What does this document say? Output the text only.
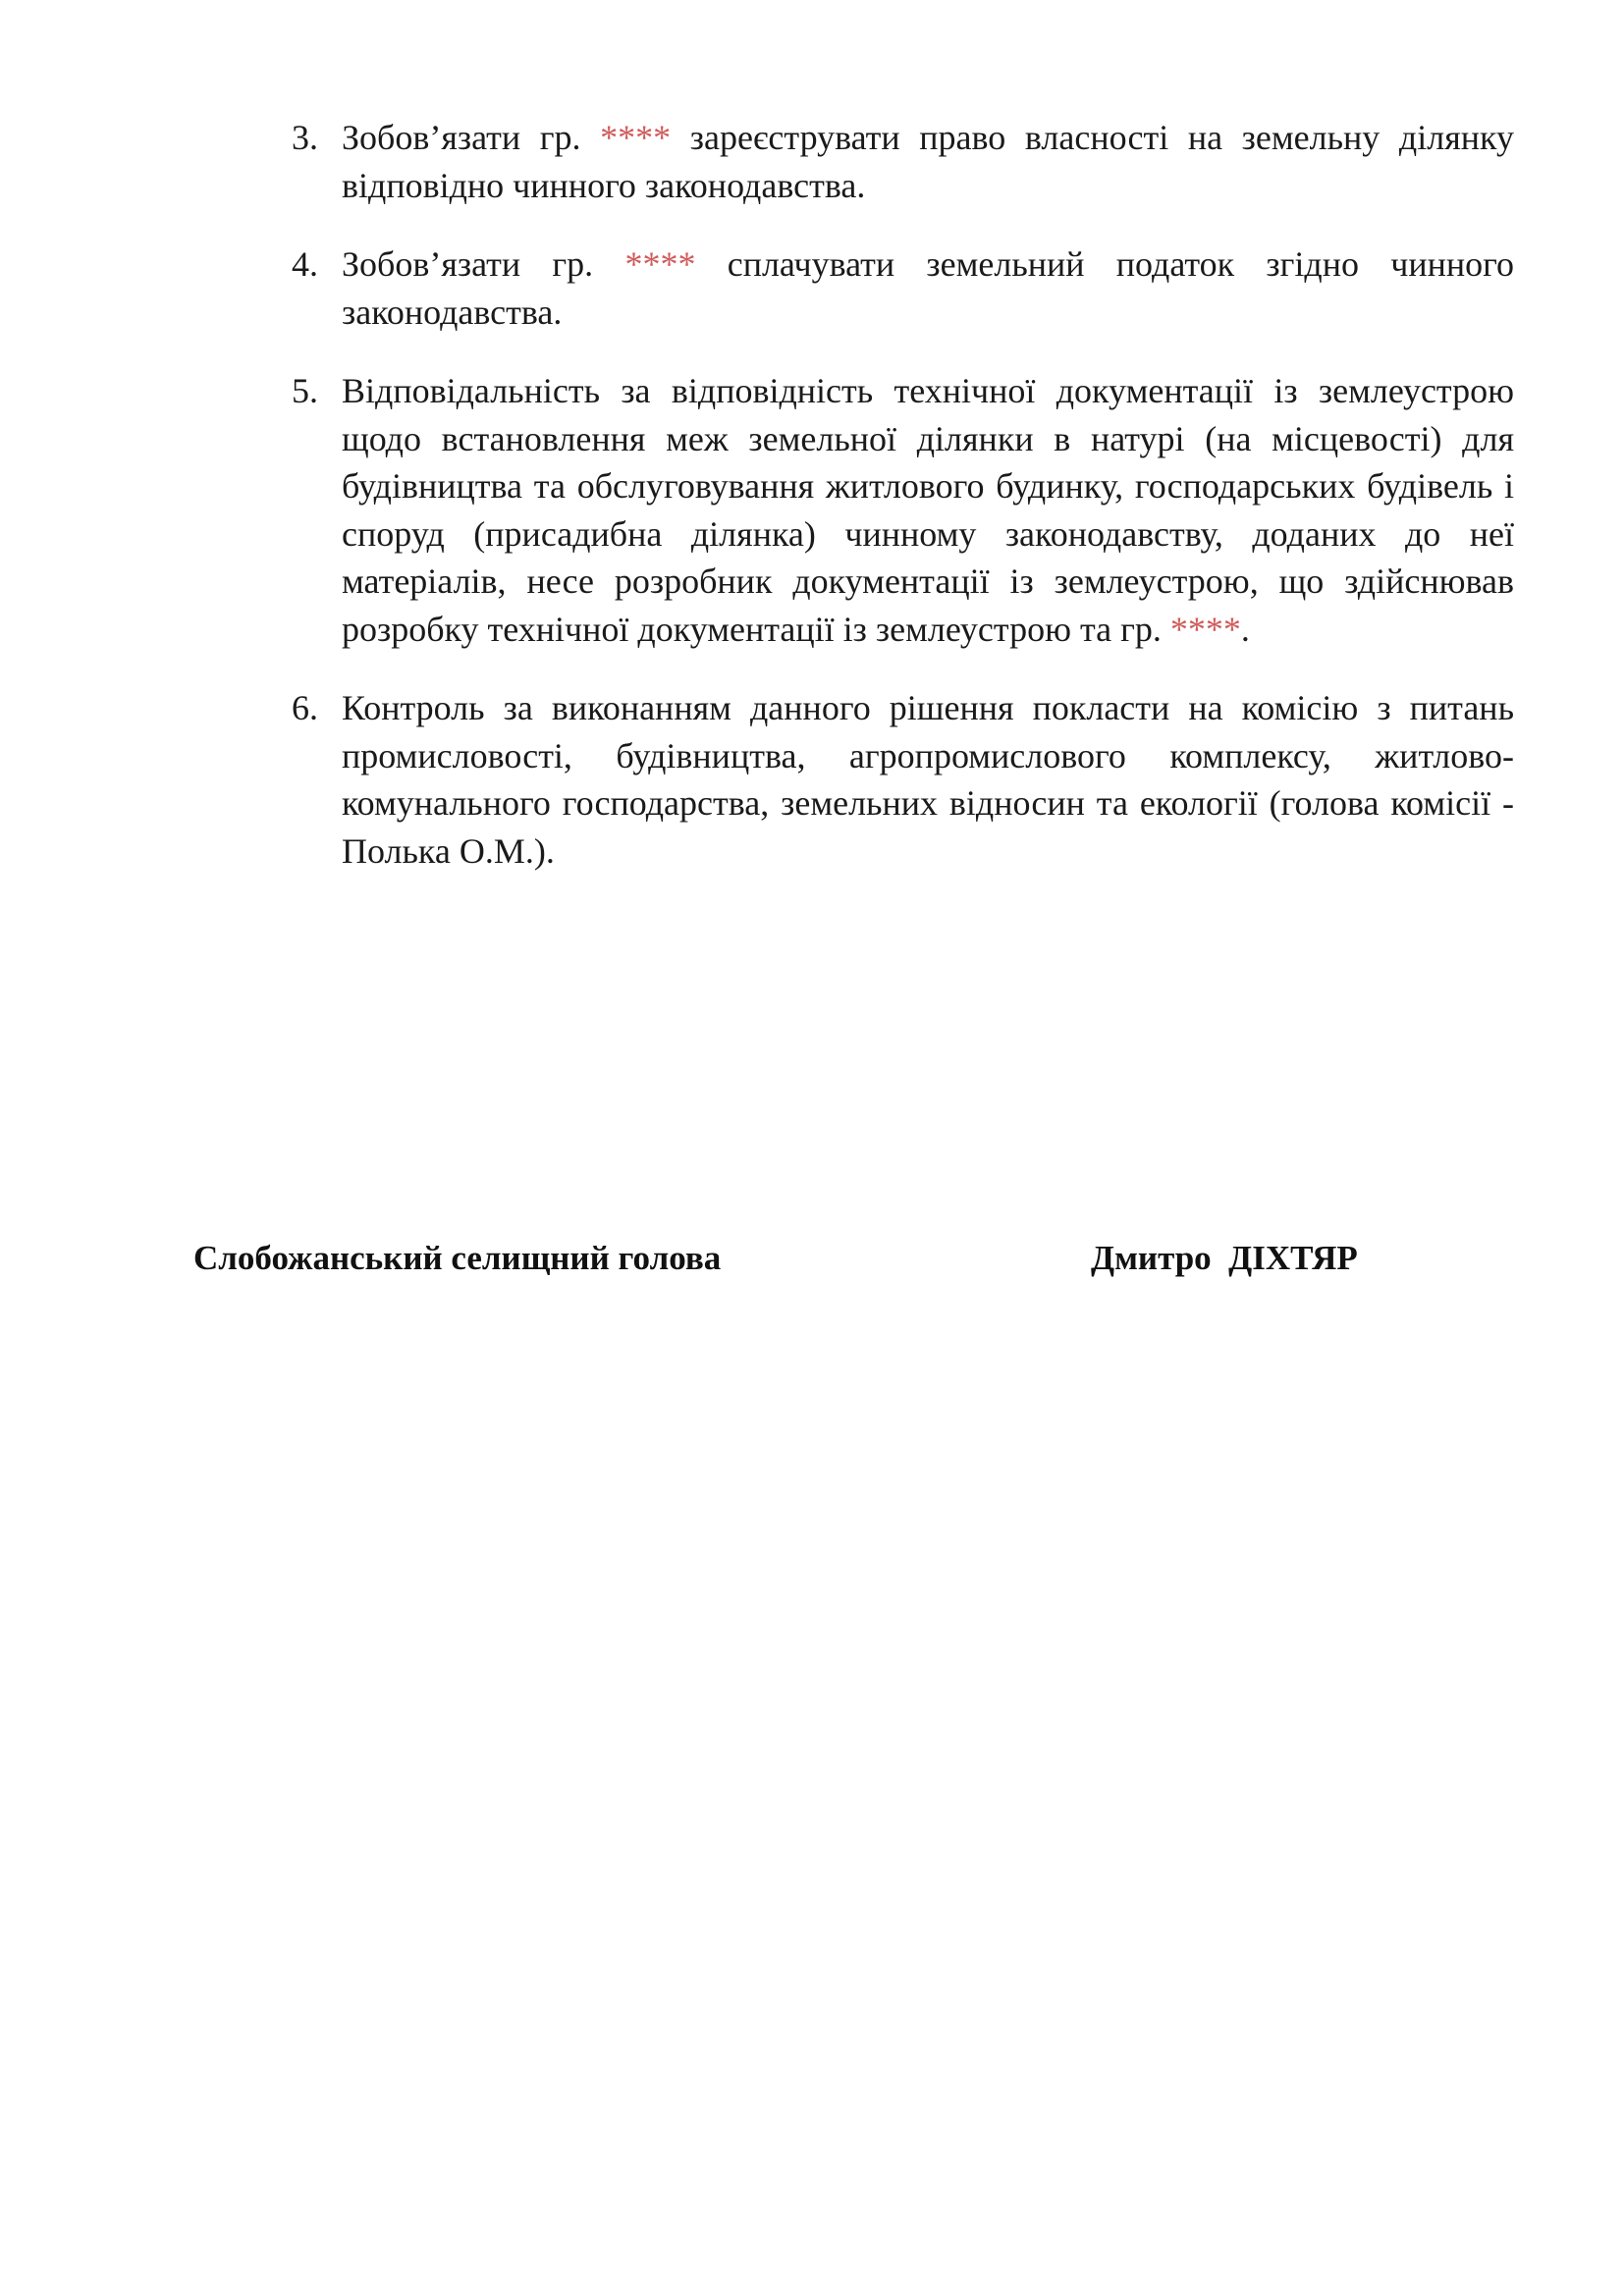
3. Зобов’язати гр. **** зареєструвати право власності на земельну ділянку відповідно чинного законодавства.
4. Зобов’язати гр. **** сплачувати земельний податок згідно чинного законодавства.
5. Відповідальність за відповідність технічної документації із землеустрою щодо встановлення меж земельної ділянки в натурі (на місцевості) для будівництва та обслуговування житлового будинку, господарських будівель і споруд (присадибна ділянка) чинному законодавству, доданих до неї матеріалів, несе розробник документації із землеустрою, що здійснював розробку технічної документації із землеустрою та гр. ****.
6. Контроль за виконанням данного рішення покласти на комісію з питань промисловості, будівництва, агропромислового комплексу, житлово-комунального господарства, земельних відносин та екології (голова комісії - Полька О.М.).
Слобожанський селищний голова	Дмитро  ДІХТЯР
